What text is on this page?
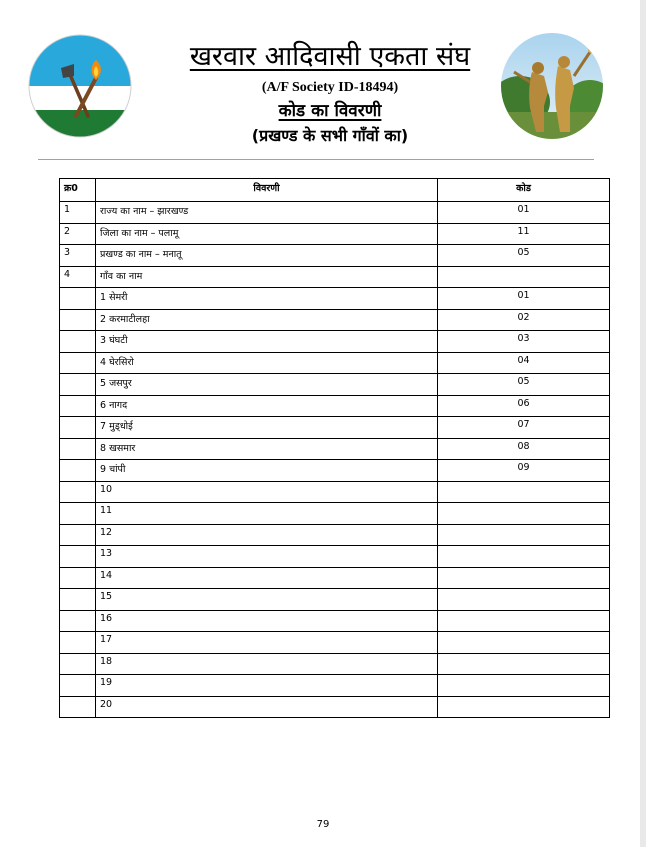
खरवार आदिवासी एकता संघ
(A/F Society ID-18494)
कोड का विवरणी
(प्रखण्ड के सभी गाँवों का)
क्र0	विवरणी	कोड
1	राज्य का नाम – झारखण्ड	01
2	जिला का नाम – पलामू	11
3	प्रखण्ड का नाम – मनातू	05
4	गाँव का नाम	
	1 सेमरी	01
	2 करमाटीलहा	02
	3 घंघटी	03
	4 घेरसिरो	04
	5 जसपुर	05
	6 नागद	06
	7 मुड्धोई	07
	8 खसमार	08
	9 चांपी	09
	10	
	11	
	12	
	13	
	14	
	15	
	16	
	17	
	18	
	19	
	20	
79
